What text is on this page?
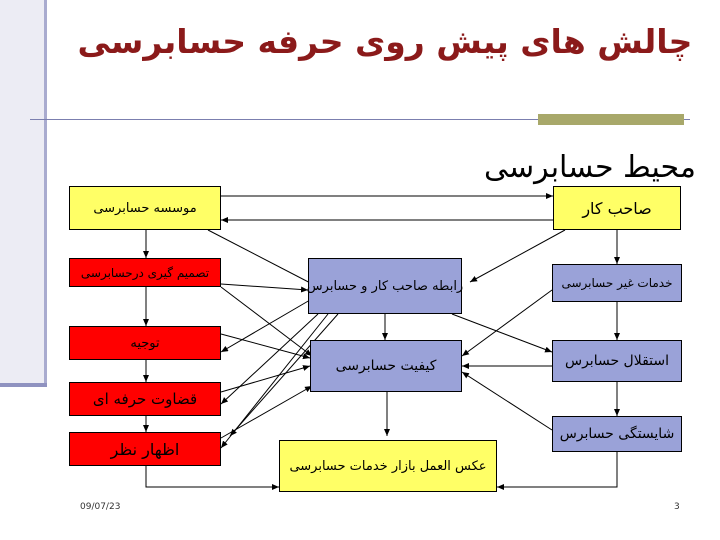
چالش های پیش روی حرفه حسابرسی
محیط حسابرسی
موسسه حسابرسی	صاحب کار
تصمیم گیری درحسابرسی
رابطه صاحب کار و حسابرس	خدمات غیر حسابرسی
توجیه
کیفیت حسابرسی	استقلال حسابرس
قضاوت حرفه ای
شایستگی حسابرس
اظهار نظر
عکس العمل بازار خدمات حسابرسی
09/07/23	3
